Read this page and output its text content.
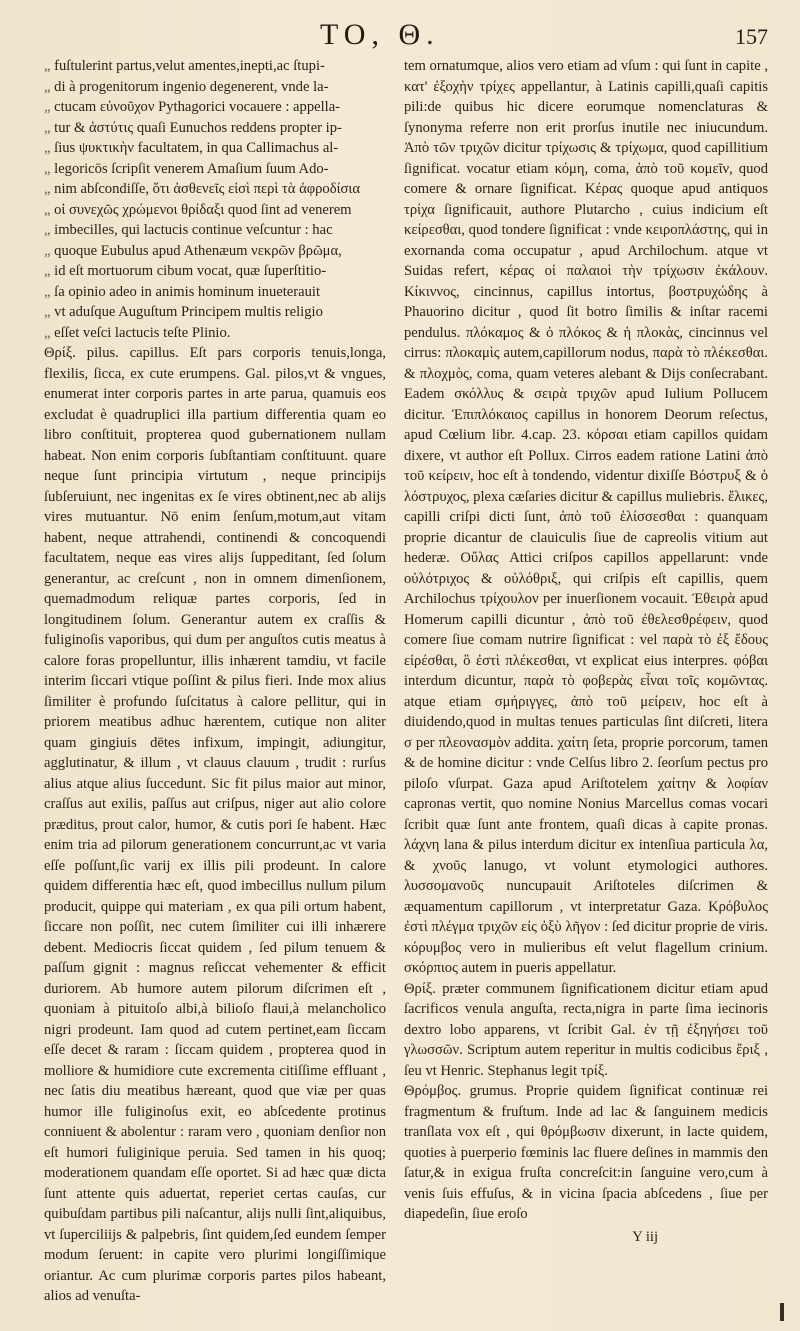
TO, Θ.	157
„ fuſtulerint partus,velut amentes,inepti,ac ſtupi-
„ di à progenitorum ingenio degenerent, vnde la-
„ ctucam εὐνοῦχον Pythagorici vocauere : appella-
„ tur & ἀστύτις quaſi Eunuchos reddens propter ip-
„ ſius ψυκτικὴν facultatem, in qua Callimachus al-
„ legoricōs ſcripſit venerem Amaſium ſuum Ado-
„ nim abſcondiſſe, ὅτι ἀσθενεῖς εἰσὶ περὶ τὰ ἀφροδίσια
„ οἱ συνεχῶς χρώμενοι θρίδαξι quod ſint ad venerem
„ imbecilles, qui lactucis continue veſcuntur : hac
„ quoque Eubulus apud Athenæum νεκρῶν βρῶμα,
„ id eſt mortuorum cibum vocat, quæ ſuperſtitio-
„ ſa opinio adeo in animis hominum inueterauit
„ vt aduſque Auguſtum Principem multis religio
„ eſſet veſci lactucis teſte Plinio.

Θρίξ. pilus. capillus. Eſt pars corporis tenuis,longa, flexilis, ſicca, ex cute erumpens. Gal. pilos,vt & vngues, enumerat inter corporis partes in arte parua, quamuis eos excludat è quadruplici illa partium differentia quam eo libro conſtituit, propterea quod gubernationem nullam habeat. Non enim corporis ſubſtantiam conſtituunt. quare neque ſunt principia virtutum , neque principijs ſubſeruiunt, nec ingenitas ex ſe vires obtinent,nec ab alijs vires mutuantur. Nō enim ſenſum,motum,aut vitam habent, neque attrahendi, continendi & concoquendi facultatem, neque eas vires alijs ſuppeditant, ſed ſolum generantur, ac creſcunt , non in omnem dimenſionem, quemadmodum reliquæ partes corporis, ſed in longitudinem ſolum. Generantur autem ex craſſis & fuliginoſis vaporibus, qui dum per anguſtos cutis meatus à calore foras propelluntur, illis inhærent tamdiu, vt facile interim ſiccari vtique poſſint & pilus fieri. Inde mox alius ſimiliter è profundo ſuſcitatus à calore pellitur, qui in priorem meatibus adhuc hærentem, cutique non aliter quam gingiuis dētes infixum, impingit, adiungitur, agglutinatur, & illum , vt clauus clauum , trudit : rurſus alius atque alius ſuccedunt. Sic fit pilus maior aut minor, craſſus aut exilis, paſſus aut criſpus, niger aut alio colore præditus, prout calor, humor, & cutis pori ſe habent. Hæc enim tria ad pilorum generationem concurrunt,ac vt varia eſſe poſſunt,ſic varij ex illis pili prodeunt. In calore quidem differentia hæc eſt, quod imbecillus nullum pilum producit, quippe qui materiam , ex qua pili ortum habent, ſiccare non poſſit, nec cutem ſimiliter cui illi inhærere debent. Mediocris ſiccat quidem , ſed pilum tenuem & paſſum gignit : magnus reſiccat vehementer & efficit duriorem. Ab humore autem pilorum diſcrimen eſt , quoniam à pituitoſo albi,à bilioſo flaui,à melancholico nigri prodeunt. Iam quod ad cutem pertinet,eam ſiccam eſſe decet & raram : ſiccam quidem , propterea quod in molliore & humidiore cute excrementa citiſſime effluant , nec ſatis diu meatibus hæreant, quod que viæ per quas humor ille fuliginoſus exit, eo abſcedente protinus conniuent & abolentur : raram vero , quoniam denſior non eſt humori fuliginique peruia. Sed tamen in his quoq; moderationem quandam eſſe oportet. Si ad hæc quæ dicta ſunt attente quis aduertat, reperiet certas cauſas, cur quibuſdam partibus pili naſcantur, alijs nulli ſint,aliquibus, vt ſuperciliijs & palpebris, ſint quidem,ſed eundem ſemper modum ſeruent: in capite vero plurimi longiſſimique oriantur. Ac cum plurimæ corporis partes pilos habeant, alios ad venuſta-

tem ornatumque, alios vero etiam ad vſum : qui ſunt in capite , κατ' ἐξοχὴν τρίχες appellantur, à Latinis capilli,quaſi capitis pili:de quibus hic dicere eorumque nomenclaturas & ſynonyma referre non erit prorſus inutile nec iniucundum. Ἀπὸ τῶν τριχῶν dicitur τρίχωσις & τρίχωμα, quod capillitium ſignificat. vocatur etiam κόμη, coma, ἀπὸ τοῦ κομεῖν, quod comere & ornare ſignificat. Κέρας quoque apud antiquos τρίχα ſignificauit, authore Plutarcho , cuius indicium eſt κείρεσθαι, quod tondere ſignificat : vnde κειροπλάστης, qui in exornanda coma occupatur , apud Archilochum. atque vt Suidas refert, κέρας οἱ παλαιοὶ τὴν τρίχωσιν ἐκάλουν. Κίκιννος, cincinnus, capillus intortus, βοστρυχώδης à Phauorino dicitur , quod ſit botro ſimilis & inſtar racemi pendulus. πλόκαμος & ὁ πλόκος & ἡ πλοκὰς, cincinnus vel cirrus: πλοκαμὶς autem,capillorum nodus, παρὰ τὸ πλέκεσθαι. & πλοχμὸς, coma, quam veteres alebant & Dijs conſecrabant. Eadem σκόλλυς & σειρὰ τριχῶν apud Iulium Pollucem dicitur. Ἐπιπλόκαιος capillus in honorem Deorum reſectus, apud Cœlium libr. 4.cap. 23. κόρσαι etiam capillos quidam dixere, vt author eſt Pollux. Cirros eadem ratione Latini ἀπὸ τοῦ κείρειν, hoc eſt à tondendo, videntur dixiſſe Βόστρυξ & ὁ λόστρυχος, plexa cæſaries dicitur & capillus muliebris. ἕλικες, capilli criſpi dicti ſunt, ἀπὸ τοῦ ἑλίσσεσθαι : quanquam proprie dicantur de clauiculis ſiue de capreolis vitium aut hederæ. Οὔλας Attici criſpos capillos appellarunt: vnde οὐλότριχος & οὐλόθριξ, qui criſpis eſt capillis, quem Archilochus τρίχουλον per inuerſionem vocauit. Ἐθειρὰ apud Homerum capilli dicuntur , ἀπὸ τοῦ ἐθελεσθρέφειν, quod comere ſiue comam nutrire ſignificat : vel παρὰ τὸ ἐξ ἔδους εἰρέσθαι, ὃ ἐστὶ πλέκεσθαι, vt explicat eius interpres. φόβαι interdum dicuntur, παρὰ τὸ φοβερὰς εἶναι τοῖς κομῶντας. atque etiam σμήριγγες, ἀπὸ τοῦ μείρειν, hoc eſt à diuidendo,quod in multas tenues particulas ſint diſcreti, litera σ per πλεονασμὸν addita. χαίτη ſeta, proprie porcorum, tamen & de homine dicitur : vnde Celſus libro 2. ſeorſum pectus pro piloſo vſurpat. Gaza apud Ariſtotelem χαίτην & λοφίαν capronas vertit, quo nomine Nonius Marcellus comas vocari ſcribit quæ ſunt ante frontem, quaſi dicas à capite pronas. λάχνη lana & pilus interdum dicitur ex intenſiua particula λα, & χνοῦς lanugo, vt volunt etymologici authores. λυσσομανοῦς nuncupauit Ariſtoteles diſcrimen & æquamentum capillorum , vt interpretatur Gaza. Κρόβυλος ἐστὶ πλέγμα τριχῶν εἰς ὀξὺ λῆγον : ſed dicitur proprie de viris. κόρυμβος vero in mulieribus eſt velut flagellum crinium. σκόρπιος autem in pueris appellatur.

Θρίξ. præter communem ſignificationem dicitur etiam apud ſacrificos venula anguſta, recta,nigra in parte ſima iecinoris dextro lobo apparens, vt ſcribit Gal. ἐν τῇ ἐξηγήσει τοῦ γλωσσῶν. Scriptum autem reperitur in multis codicibus ἔριξ , ſeu vt Henric. Stephanus legit τρίξ.

Θρόμβος. grumus. Proprie quidem ſignificat continuæ rei fragmentum & fruſtum. Inde ad lac & ſanguinem medicis tranſlata vox eſt , qui θρόμβωσιν dixerunt, in lacte quidem, quoties à puerperio fœminis lac fluere deſines in mammis den ſatur,& in exigua fruſta concreſcit:in ſanguine vero,cum à venis ſuis effuſus, & in vicina ſpacia abſcedens , ſiue per diapedeſin, ſiue eroſo

Y iij
